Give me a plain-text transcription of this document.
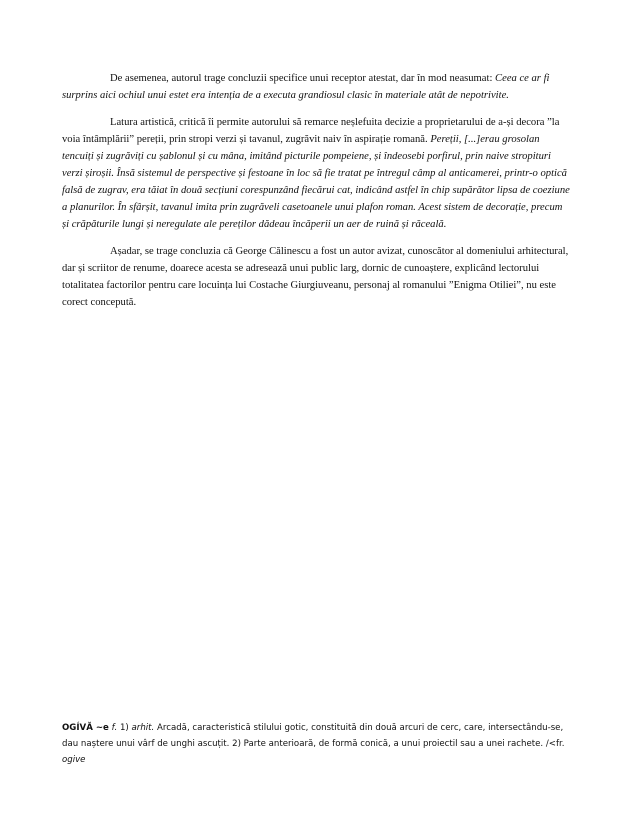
De asemenea, autorul trage concluzii specifice unui receptor atestat, dar în mod neasumat: Ceea ce ar fi surprins aici ochiul unui estet era intenția de a executa grandiosul clasic în materiale atât de nepotrivite.

Latura artistică, critică îi permite autorului să remarce neșlefuita decizie a proprietarului de a-și decora ”la voia întâmplării” pereții, prin stropi verzi și tavanul, zugrăvit naiv în aspirație romană. Pereții, [...]erau grosolan tencuiți și zugrăviți cu șablonul și cu mâna, imitând picturile pompeiene, și îndeosebi porfirul, prin naive stropituri verzi șiroșii. Însă sistemul de perspective și festoane în loc să fie tratat pe întregul câmp al anticamerei, printr-o optică falsă de zugrav, era tăiat în două secțiuni corespunzând fiecărui cat, indicând astfel în chip supărător lipsa de coeziune a planurilor. În sfârșit, tavanul imita prin zugrăveli casetoanele unui plafon roman. Acest sistem de decorație, precum și crăpăturile lungi și neregulate ale pereților dădeau încăperii un aer de ruină și răceală.

Așadar, se trage concluzia că George Călinescu a fost un autor avizat, cunoscător al domeniului arhitectural, dar și scriitor de renume, doarece acesta se adresează unui public larg, dornic de cunoaștere, explicând lectorului totalitatea factorilor pentru care locuința lui Costache Giurgiuveanu, personaj al romanului ”Enigma Otiliei”, nu este corect concepută.

OGÍVĂ ~e f. 1) arhit. Arcadă, caracteristică stilului gotic, constituită din două arcuri de cerc, care, intersectându-se, dau naștere unui vârf de unghi ascuțit. 2) Parte anterioară, de formă conică, a unui proiectil sau a unei rachete. /<fr. ogive
